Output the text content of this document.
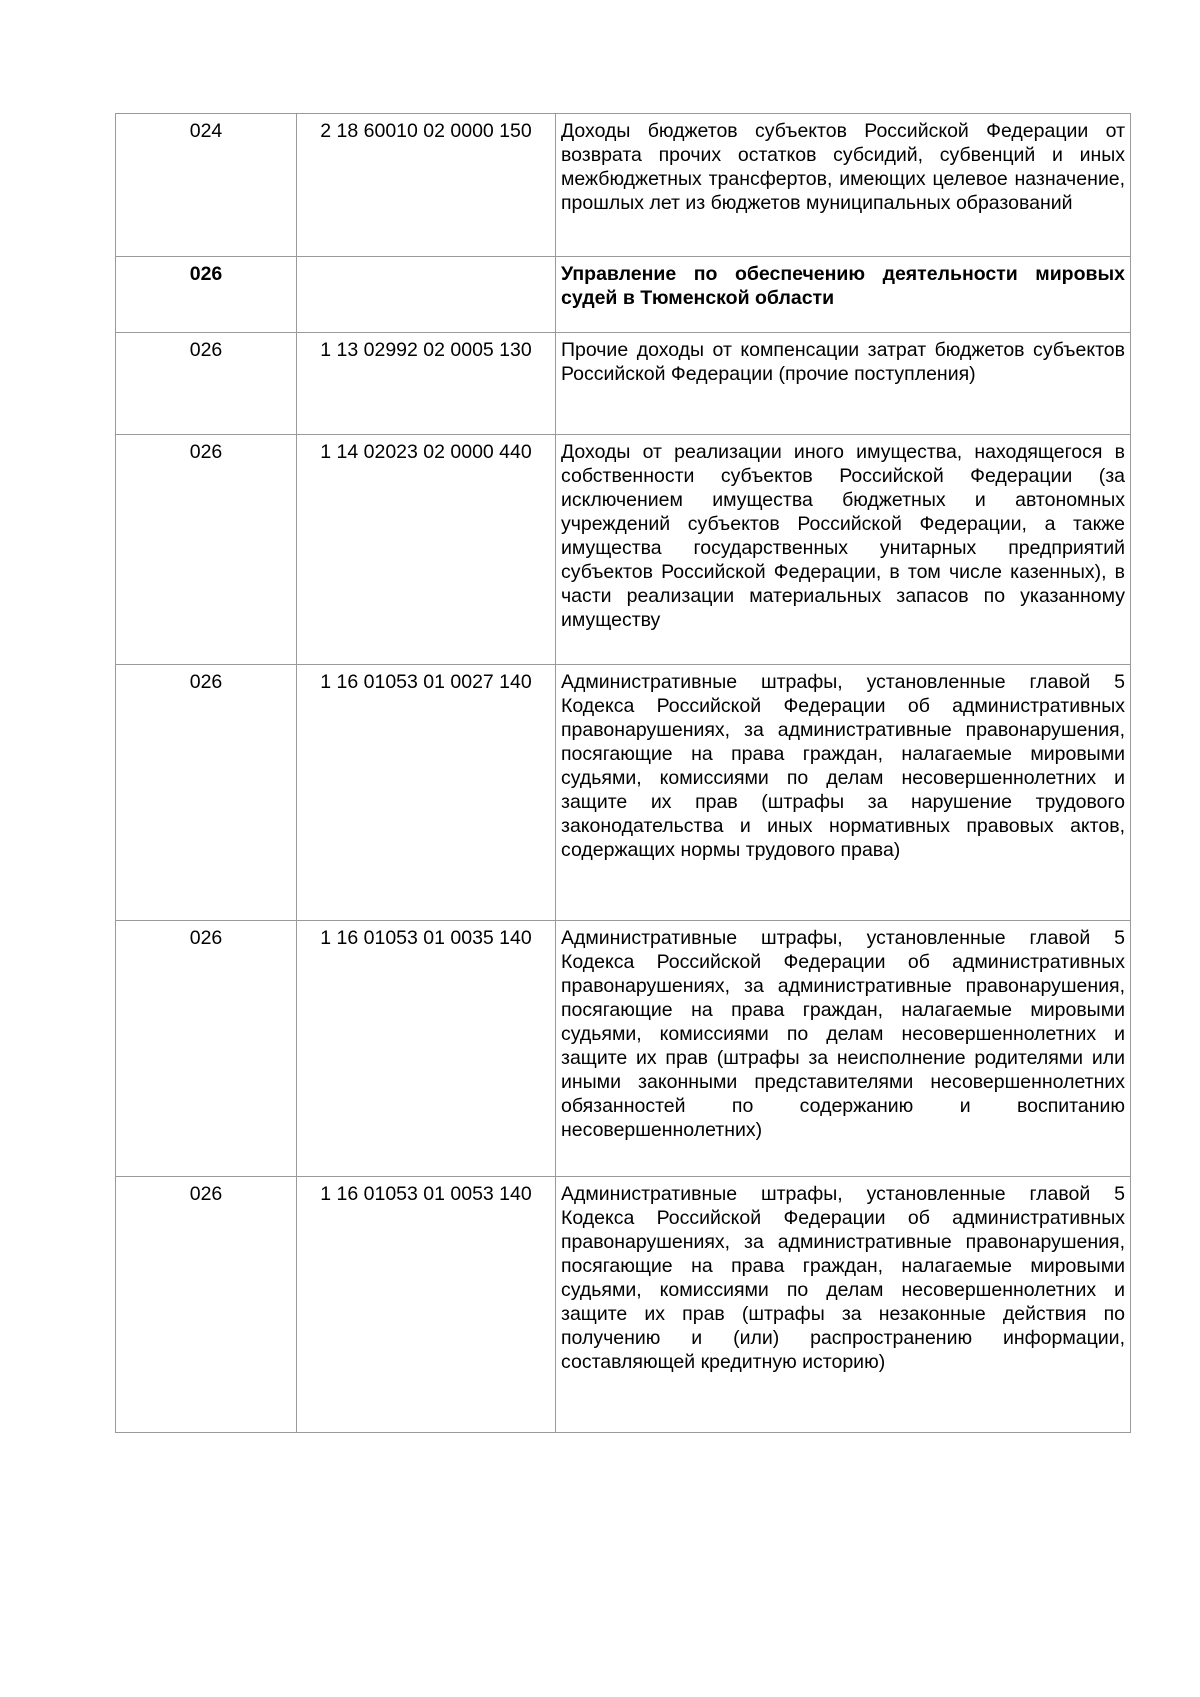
024	2 18 60010 02 0000 150	Доходы бюджетов субъектов Российской Федерации от возврата прочих остатков субсидий, субвенций и иных межбюджетных трансфертов, имеющих целевое назначение, прошлых лет из бюджетов муниципальных образований
026		Управление по обеспечению деятельности мировых судей в Тюменской области
026	1 13 02992 02 0005 130	Прочие доходы от компенсации затрат бюджетов субъектов Российской Федерации (прочие поступления)
026	1 14 02023 02 0000 440	Доходы от реализации иного имущества, находящегося в собственности субъектов Российской Федерации (за исключением имущества бюджетных и автономных учреждений субъектов Российской Федерации, а также имущества государственных унитарных предприятий субъектов Российской Федерации, в том числе казенных), в части реализации материальных запасов по указанному имуществу
026	1 16 01053 01 0027 140	Административные штрафы, установленные главой 5 Кодекса Российской Федерации об административных правонарушениях, за административные правонарушения, посягающие на права граждан, налагаемые мировыми судьями, комиссиями по делам несовершеннолетних и защите их прав (штрафы за нарушение трудового законодательства и иных нормативных правовых актов, содержащих нормы трудового права)
026	1 16 01053 01 0035 140	Административные штрафы, установленные главой 5 Кодекса Российской Федерации об административных правонарушениях, за административные правонарушения, посягающие на права граждан, налагаемые мировыми судьями, комиссиями по делам несовершеннолетних и защите их прав (штрафы за неисполнение родителями или иными законными представителями несовершеннолетних обязанностей по содержанию и воспитанию несовершеннолетних)
026	1 16 01053 01 0053 140	Административные штрафы, установленные главой 5 Кодекса Российской Федерации об административных правонарушениях, за административные правонарушения, посягающие на права граждан, налагаемые мировыми судьями, комиссиями по делам несовершеннолетних и защите их прав (штрафы за незаконные действия по получению и (или) распространению информации, составляющей кредитную историю)
